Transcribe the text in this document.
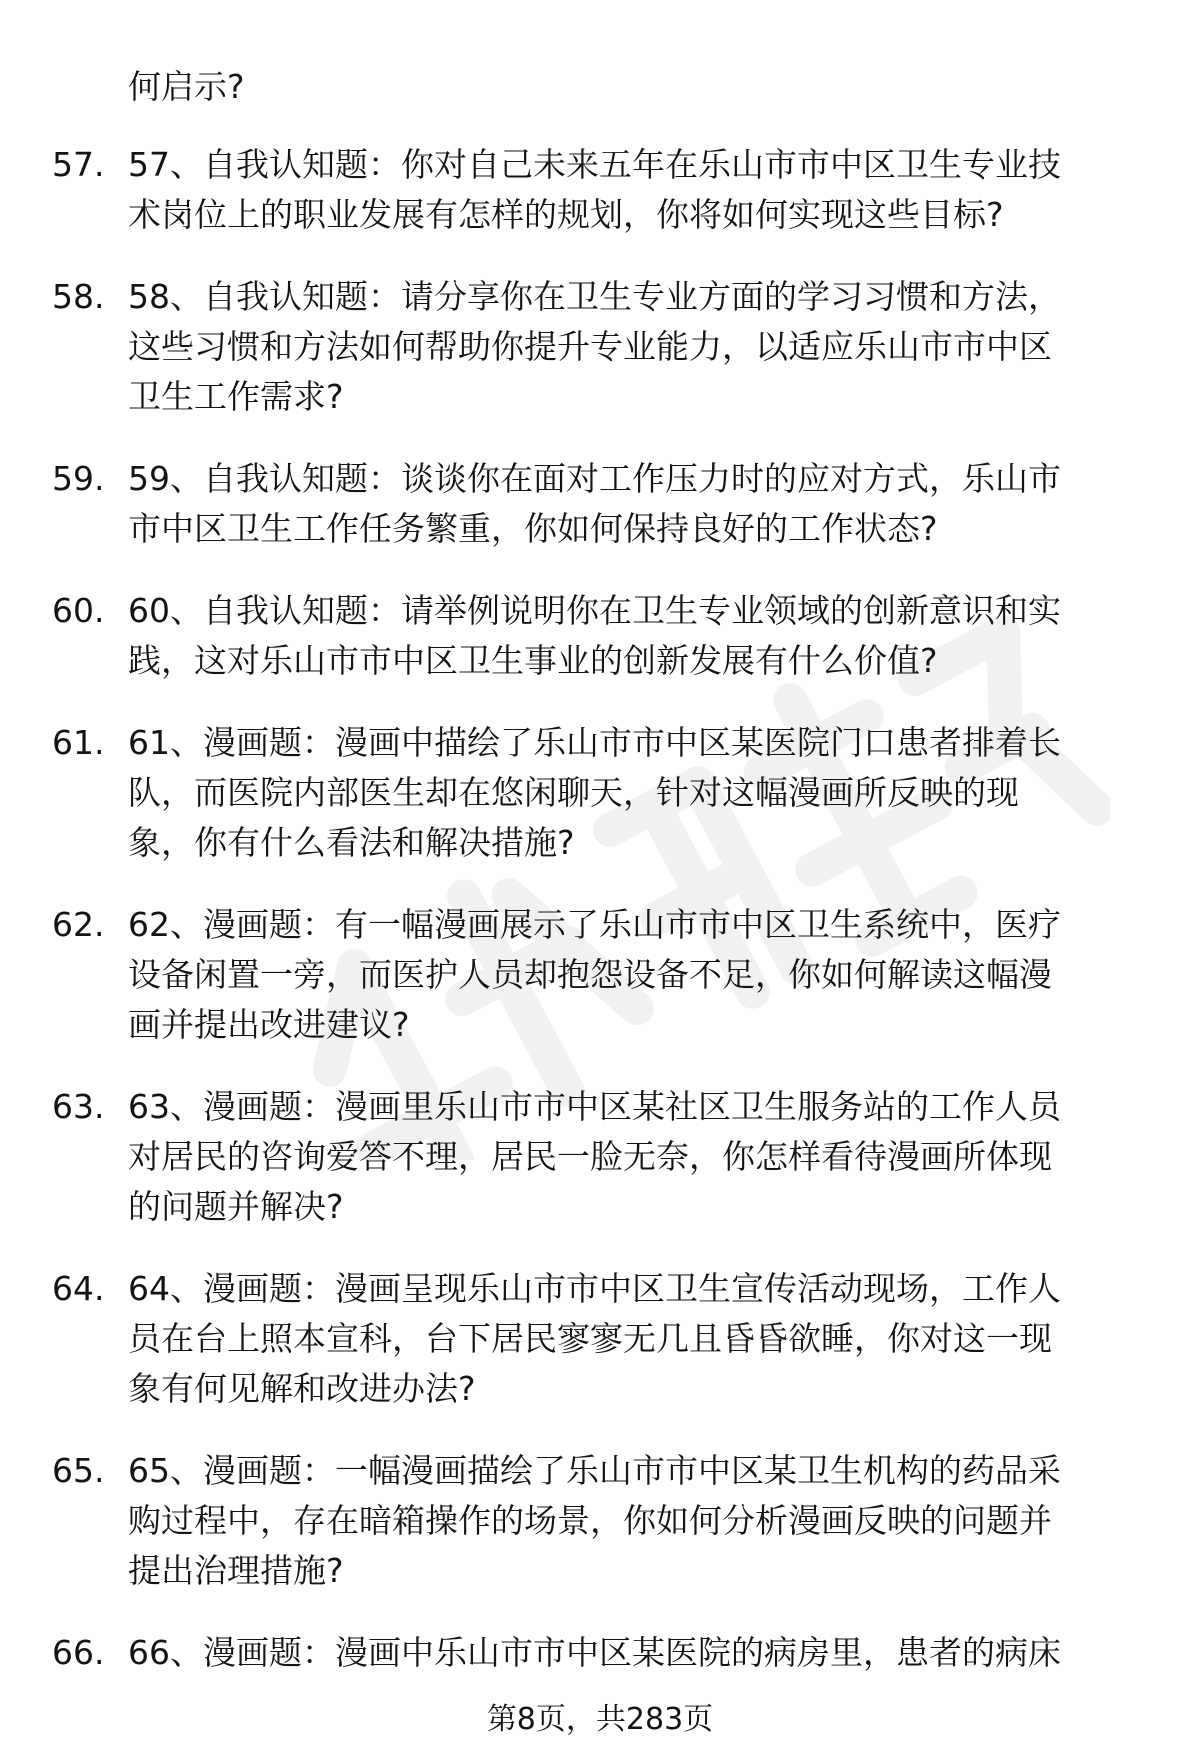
何启示?
57. 57、自我认知题：你对自己未来五年在乐山市市中区卫生专业技
术岗位上的职业发展有怎样的规划，你将如何实现这些目标?
58. 58、自我认知题：请分享你在卫生专业方面的学习习惯和方法，
这些习惯和方法如何帮助你提升专业能力，以适应乐山市市中区
卫生工作需求?
59. 59、自我认知题：谈谈你在面对工作压力时的应对方式，乐山市
市中区卫生工作任务繁重，你如何保持良好的工作状态?
60. 60、自我认知题：请举例说明你在卫生专业领域的创新意识和实
践，这对乐山市市中区卫生事业的创新发展有什么价值?
61. 61、漫画题：漫画中描绘了乐山市市中区某医院门口患者排着长
队，而医院内部医生却在悠闲聊天，针对这幅漫画所反映的现
象，你有什么看法和解决措施?
62. 62、漫画题：有一幅漫画展示了乐山市市中区卫生系统中，医疗
设备闲置一旁，而医护人员却抱怨设备不足，你如何解读这幅漫
画并提出改进建议?
63. 63、漫画题：漫画里乐山市市中区某社区卫生服务站的工作人员
对居民的咨询爱答不理，居民一脸无奈，你怎样看待漫画所体现
的问题并解决?
64. 64、漫画题：漫画呈现乐山市市中区卫生宣传活动现场，工作人
员在台上照本宣科，台下居民寥寥无几且昏昏欲睡，你对这一现
象有何见解和改进办法?
65. 65、漫画题：一幅漫画描绘了乐山市市中区某卫生机构的药品采
购过程中，存在暗箱操作的场景，你如何分析漫画反映的问题并
提出治理措施?
66. 66、漫画题：漫画中乐山市市中区某医院的病房里，患者的病床
第8页，共283页
